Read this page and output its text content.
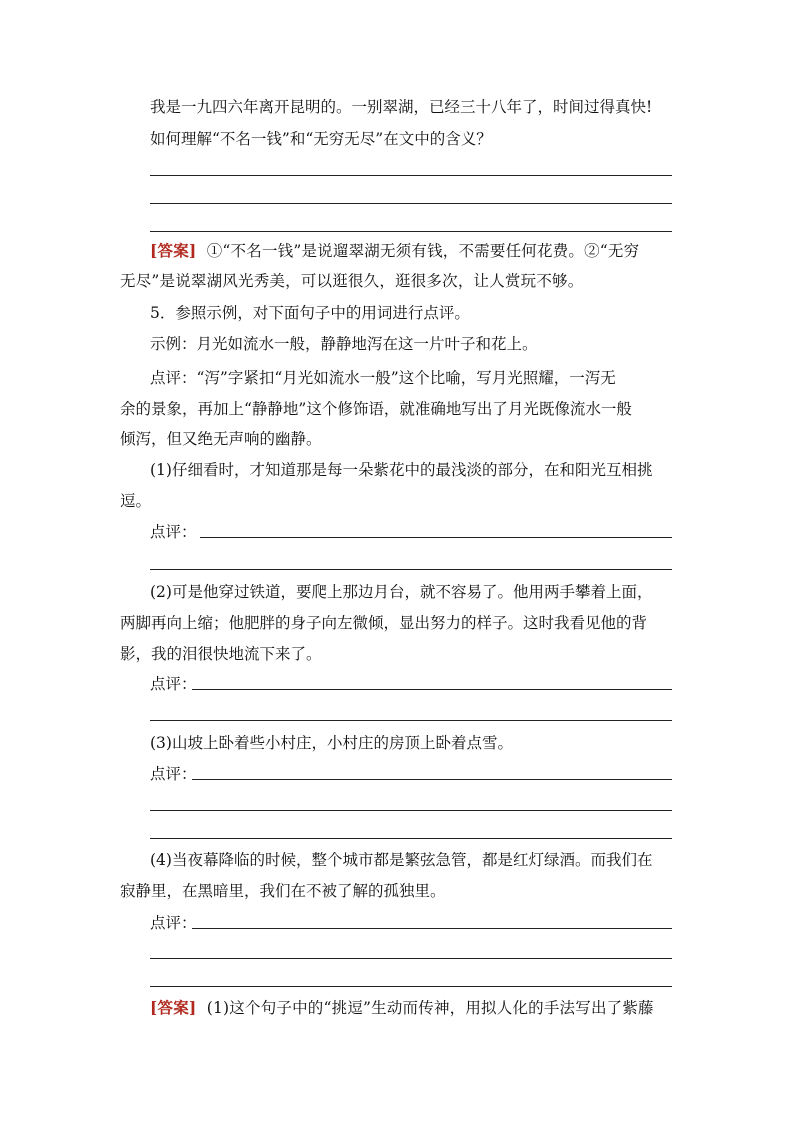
我是一九四六年离开昆明的。一别翠湖，已经三十八年了，时间过得真快!
如何理解“不名一钱”和“无穷无尽”在文中的含义？
[答案] ①“不名一钱”是说遛翠湖无须有钱，不需要任何花费。②“无穷
无尽”是说翠湖风光秀美，可以逛很久，逛很多次，让人赏玩不够。
5．参照示例，对下面句子中的用词进行点评。
示例：月光如流水一般，静静地泻在这一片叶子和花上。
点评：“泻”字紧扣“月光如流水一般”这个比喻，写月光照耀，一泻无
余的景象，再加上“静静地”这个修饰语，就准确地写出了月光既像流水一般
倾泻，但又绝无声响的幽静。
(1)仔细看时，才知道那是每一朵紫花中的最浅淡的部分，在和阳光互相挑
逗。
点评：
(2)可是他穿过铁道，要爬上那边月台，就不容易了。他用两手攀着上面，
两脚再向上缩；他肥胖的身子向左微倾，显出努力的样子。这时我看见他的背
影，我的泪很快地流下来了。
点评：
(3)山坡上卧着些小村庄，小村庄的房顶上卧着点雪。
点评：
(4)当夜幕降临的时候，整个城市都是繁弦急管，都是红灯绿酒。而我们在
寂静里，在黑暗里，我们在不被了解的孤独里。
点评：
[答案] (1)这个句子中的“挑逗”生动而传神，用拟人化的手法写出了紫藤
